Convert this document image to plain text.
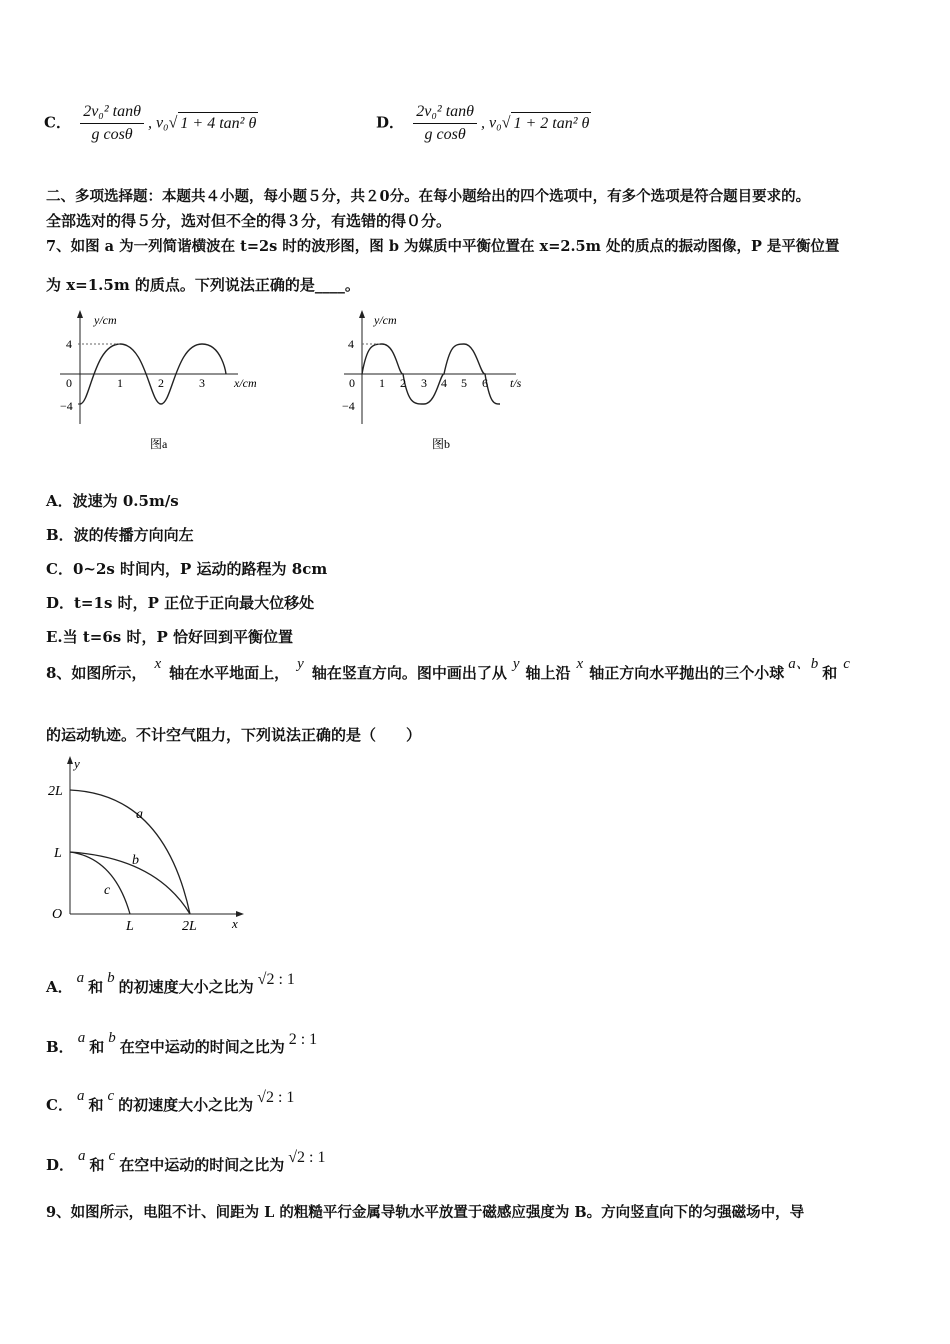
C． $\frac{\text{2v₀² tanθ}}{\text{g cosθ}}$ , v₀√ 1 + 4 tan² θ	D． $\frac{\text{2v₀² tanθ}}{\text{g cosθ}}$ , v₀√ 1 + 2 tan² θ
二、多项选择题：本题共４小题，每小题５分，共２0分。在每小题给出的四个选项中，有多个选项是符合题目要求的。
全部选对的得５分，选对但不全的得３分，有选错的得０分。
7、如图 a 为一列简谐横波在 t=2s 时的波形图，图 b 为媒质中平衡位置在 x=2.5m 处的质点的振动图像，P 是平衡位置
为 x=1.5m 的质点。下列说法正确的是____。
y/cm
4
−4
0	1	2	3 x/cm
图a
y/cm
4
−4
0 1 2 3 4 5 6 t/s
图b
A．波速为 0.5m/s
B．波的传播方向向左
C．0~2s 时间内，P 运动的路程为 8cm
D．t=1s 时，P 正位于正向最大位移处
E.当 t=6s 时，P 恰好回到平衡位置
8、如图所示， x 轴在水平地面上， y 轴在竖直方向。图中画出了从 y 轴上沿 x 轴正方向水平抛出的三个小球 a、b 和 c
的运动轨迹。不计空气阻力，下列说法正确的是（　　）
y
x
O
2L
L
L	2L
a
b
c
A． a 和 b 的初速度大小之比为 √2 : 1
B． a 和 b 在空中运动的时间之比为 2 : 1
C． a 和 c 的初速度大小之比为 √2 : 1
D． a 和 c 在空中运动的时间之比为 √2 : 1
9、如图所示，电阻不计、间距为 L 的粗糙平行金属导轨水平放置于磁感应强度为 B。方向竖直向下的匀强磁场中，导
